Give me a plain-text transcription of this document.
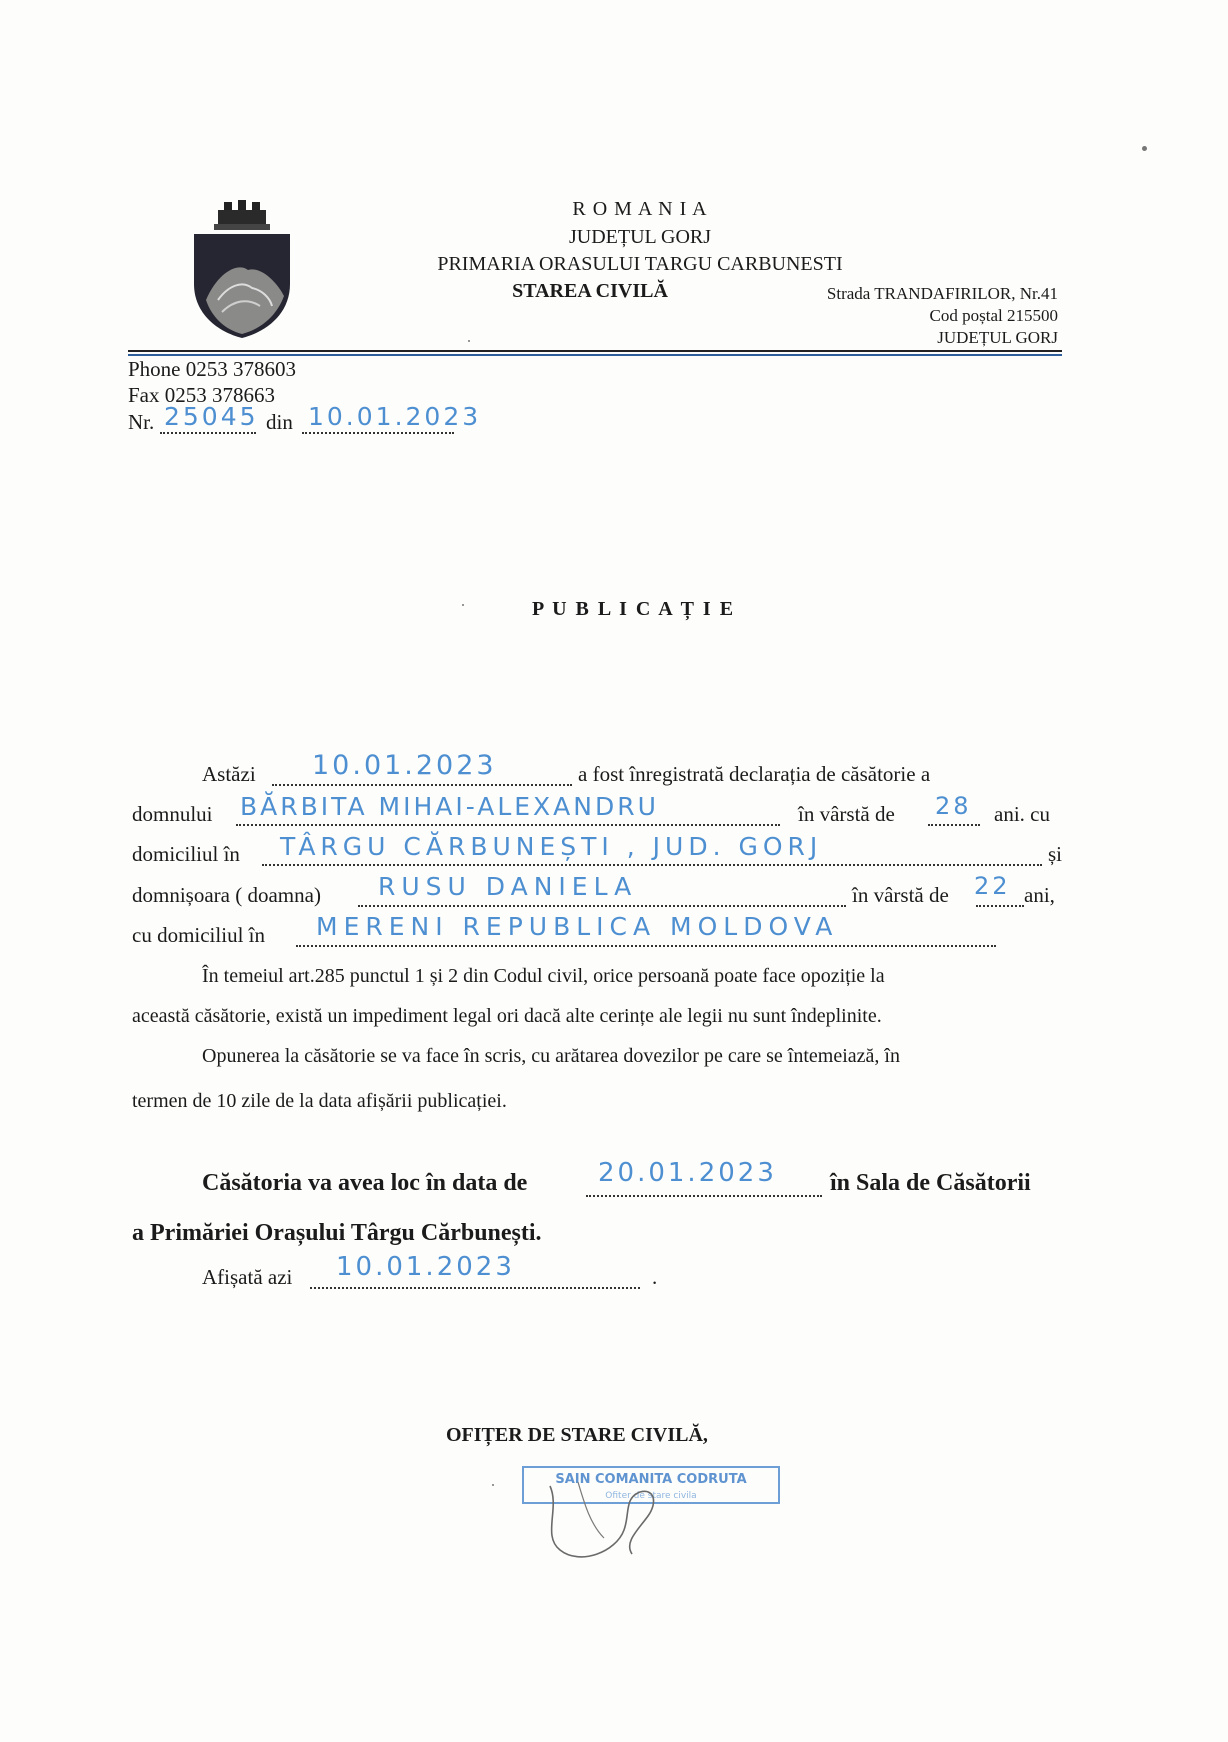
R O M A N I A
JUDEȚUL GORJ
PRIMARIA ORASULUI TARGU CARBUNESTI
STAREA CIVILĂ	Strada TRANDAFIRILOR, Nr.41
Cod poștal 215500
JUDEȚUL GORJ
Phone 0253 378603
Fax 0253 378663
Nr. 25045 din 10.01.2023
P U B L I C A Ț I E
Astăzi 10.01.2023	a fost înregistrată declarația de căsătorie a
domnului BĂRBITA MIHAI-ALEXANDRU	în vârstă de 28 ani. cu
domiciliul în TÂRGU CĂRBUNEȘTI , JUD. GORJ	și
domnișoara ( doamna) RUSU DANIELA	în vârstă de 22 ani,
cu domiciliul în MERENI REPUBLICA MOLDOVA
În temeiul art.285 punctul 1 și 2 din Codul civil, orice persoană poate face opoziție la
această căsătorie, există un impediment legal ori dacă alte cerințe ale legii nu sunt îndeplinite.
Opunerea la căsătorie se va face în scris, cu arătarea dovezilor pe care se întemeiază, în
termen de 10 zile de la data afișării publicației.
Căsătoria va avea loc în data de	20.01.2023 în Sala de Căsătorii
a Primăriei Orașului Târgu Cărbunești.
Afișată azi 10.01.2023	.
OFIȚER DE STARE CIVILĂ,
SAIN COMANITA CODRUTA
Ofiter de stare civila
